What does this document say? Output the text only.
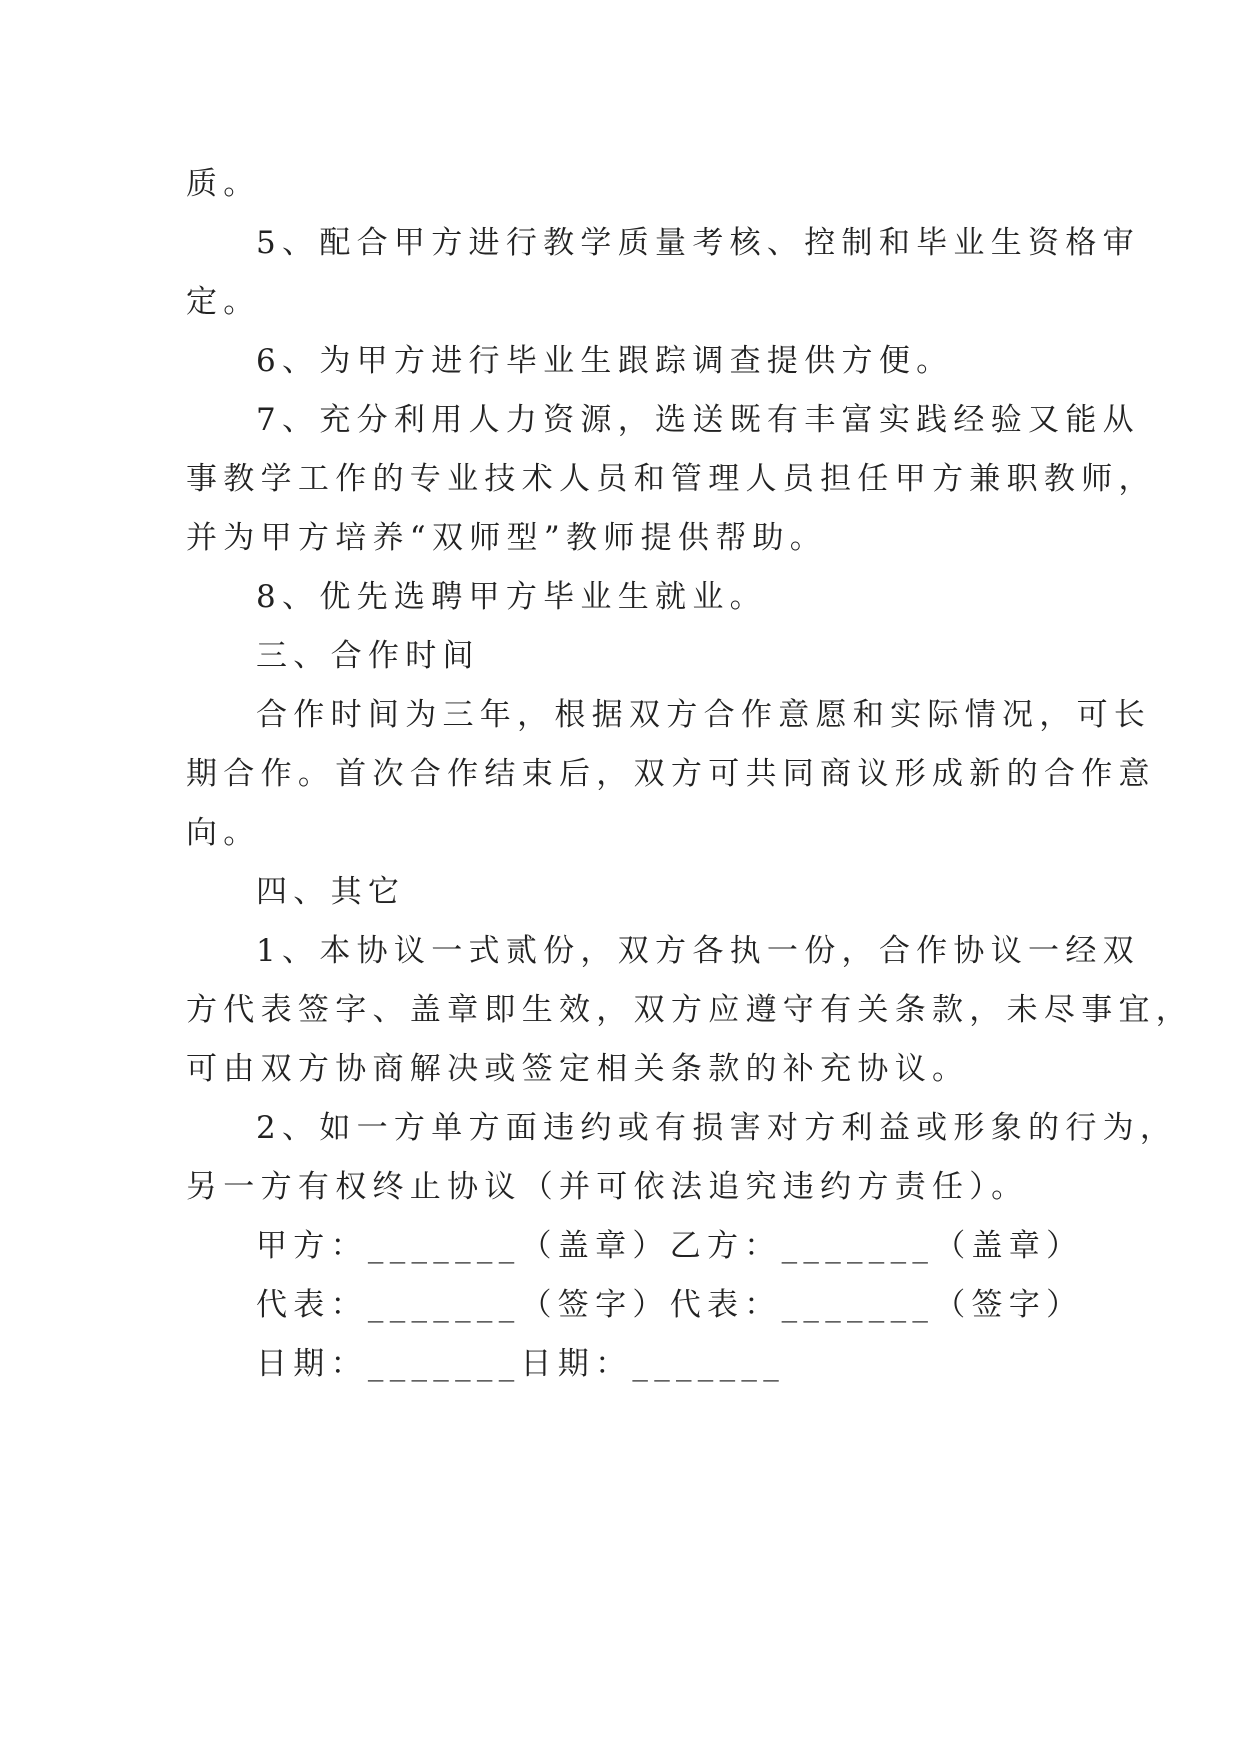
质。
5、配合甲方进行教学质量考核、控制和毕业生资格审
定。
6、为甲方进行毕业生跟踪调查提供方便。
7、充分利用人力资源，选送既有丰富实践经验又能从
事教学工作的专业技术人员和管理人员担任甲方兼职教师，
并为甲方培养“双师型”教师提供帮助。
8、优先选聘甲方毕业生就业。
三、合作时间
合作时间为三年，根据双方合作意愿和实际情况，可长
期合作。首次合作结束后，双方可共同商议形成新的合作意
向。
四、其它
1、本协议一式贰份，双方各执一份，合作协议一经双
方代表签字、盖章即生效，双方应遵守有关条款，未尽事宜，
可由双方协商解决或签定相关条款的补充协议。
2、如一方单方面违约或有损害对方利益或形象的行为，
另一方有权终止协议（并可依法追究违约方责任）。
甲方：_______（盖章）乙方：_______（盖章）
代表：_______（签字）代表：_______（签字）
日期：_______日期：_______
